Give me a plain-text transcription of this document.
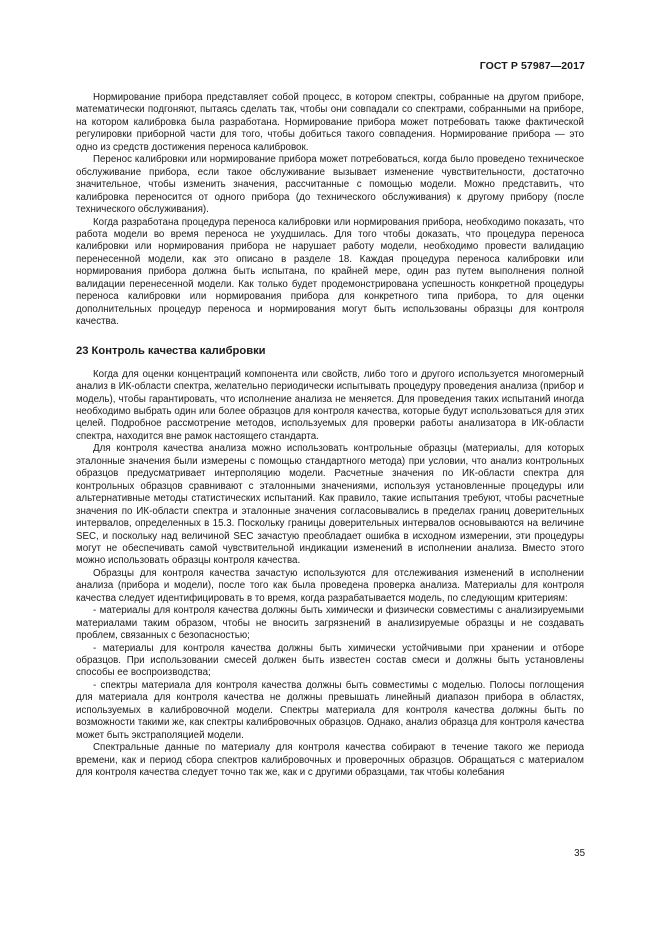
ГОСТ Р 57987—2017

Нормирование прибора представляет собой процесс, в котором спектры, собранные на другом приборе, математически подгоняют, пытаясь сделать так, чтобы они совпадали со спектрами, собранными на приборе, на котором калибровка была разработана. Нормирование прибора может потребовать также фактической регулировки приборной части для того, чтобы добиться такого совпадения. Нормирование прибора — это одно из средств достижения переноса калибровок.

Перенос калибровки или нормирование прибора может потребоваться, когда было проведено техническое обслуживание прибора, если такое обслуживание вызывает изменение чувствительности, достаточно значительное, чтобы изменить значения, рассчитанные с помощью модели. Можно представить, что калибровка переносится от одного прибора (до технического обслуживания) к другому прибору (после технического обслуживания).

Когда разработана процедура переноса калибровки или нормирования прибора, необходимо показать, что работа модели во время переноса не ухудшилась. Для того чтобы доказать, что процедура переноса калибровки или нормирования прибора не нарушает работу модели, необходимо провести валидацию перенесенной модели, как это описано в разделе 18. Каждая процедура переноса калибровки или нормирования прибора должна быть испытана, по крайней мере, один раз путем выполнения полной валидации перенесенной модели. Как только будет продемонстрирована успешность конкретной процедуры переноса калибровки или нормирования прибора для конкретного типа прибора, то для оценки дополнительных процедур переноса и нормирования могут быть использованы образцы для контроля качества.

23 Контроль качества калибровки

Когда для оценки концентраций компонента или свойств, либо того и другого используется многомерный анализ в ИК-области спектра, желательно периодически испытывать процедуру проведения анализа (прибор и модель), чтобы гарантировать, что исполнение анализа не меняется. Для проведения таких испытаний иногда необходимо выбрать один или более образцов для контроля качества, которые будут использоваться для этих целей. Подробное рассмотрение методов, используемых для проверки работы анализатора в ИК-области спектра, находится вне рамок настоящего стандарта.

Для контроля качества анализа можно использовать контрольные образцы (материалы, для которых эталонные значения были измерены с помощью стандартного метода) при условии, что анализ контрольных образцов предусматривает интерполяцию модели. Расчетные значения по ИК-области спектра для контрольных образцов сравнивают с эталонными значениями, используя установленные процедуры или альтернативные методы статистических испытаний. Как правило, такие испытания требуют, чтобы расчетные значения по ИК-области спектра и эталонные значения согласовывались в пределах границ доверительных интервалов, определенных в 15.3. Поскольку границы доверительных интервалов основываются на величине SEC, и поскольку над величиной SEC зачастую преобладает ошибка в исходном измерении, эти процедуры могут не обеспечивать самой чувствительной индикации изменений в исполнении анализа. Вместо этого можно использовать образцы контроля качества.

Образцы для контроля качества зачастую используются для отслеживания изменений в исполнении анализа (прибора и модели), после того как была проведена проверка анализа. Материалы для контроля качества следует идентифицировать в то время, когда разрабатывается модель, по следующим критериям:

- материалы для контроля качества должны быть химически и физически совместимы с анализируемыми материалами таким образом, чтобы не вносить загрязнений в анализируемые образцы и не создавать проблем, связанных с безопасностью;

- материалы для контроля качества должны быть химически устойчивыми при хранении и отборе образцов. При использовании смесей должен быть известен состав смеси и должны быть установлены способы ее воспроизводства;

- спектры материала для контроля качества должны быть совместимы с моделью. Полосы поглощения для материала для контроля качества не должны превышать линейный диапазон прибора в областях, используемых в калибровочной модели. Спектры материала для контроля качества должны быть по возможности такими же, как спектры калибровочных образцов. Однако, анализ образца для контроля качества может быть экстраполяцией модели.

Спектральные данные по материалу для контроля качества собирают в течение такого же периода времени, как и период сбора спектров калибровочных и проверочных образцов. Обращаться с материалом для контроля качества следует точно так же, как и с другими образцами, так чтобы колебания

35
